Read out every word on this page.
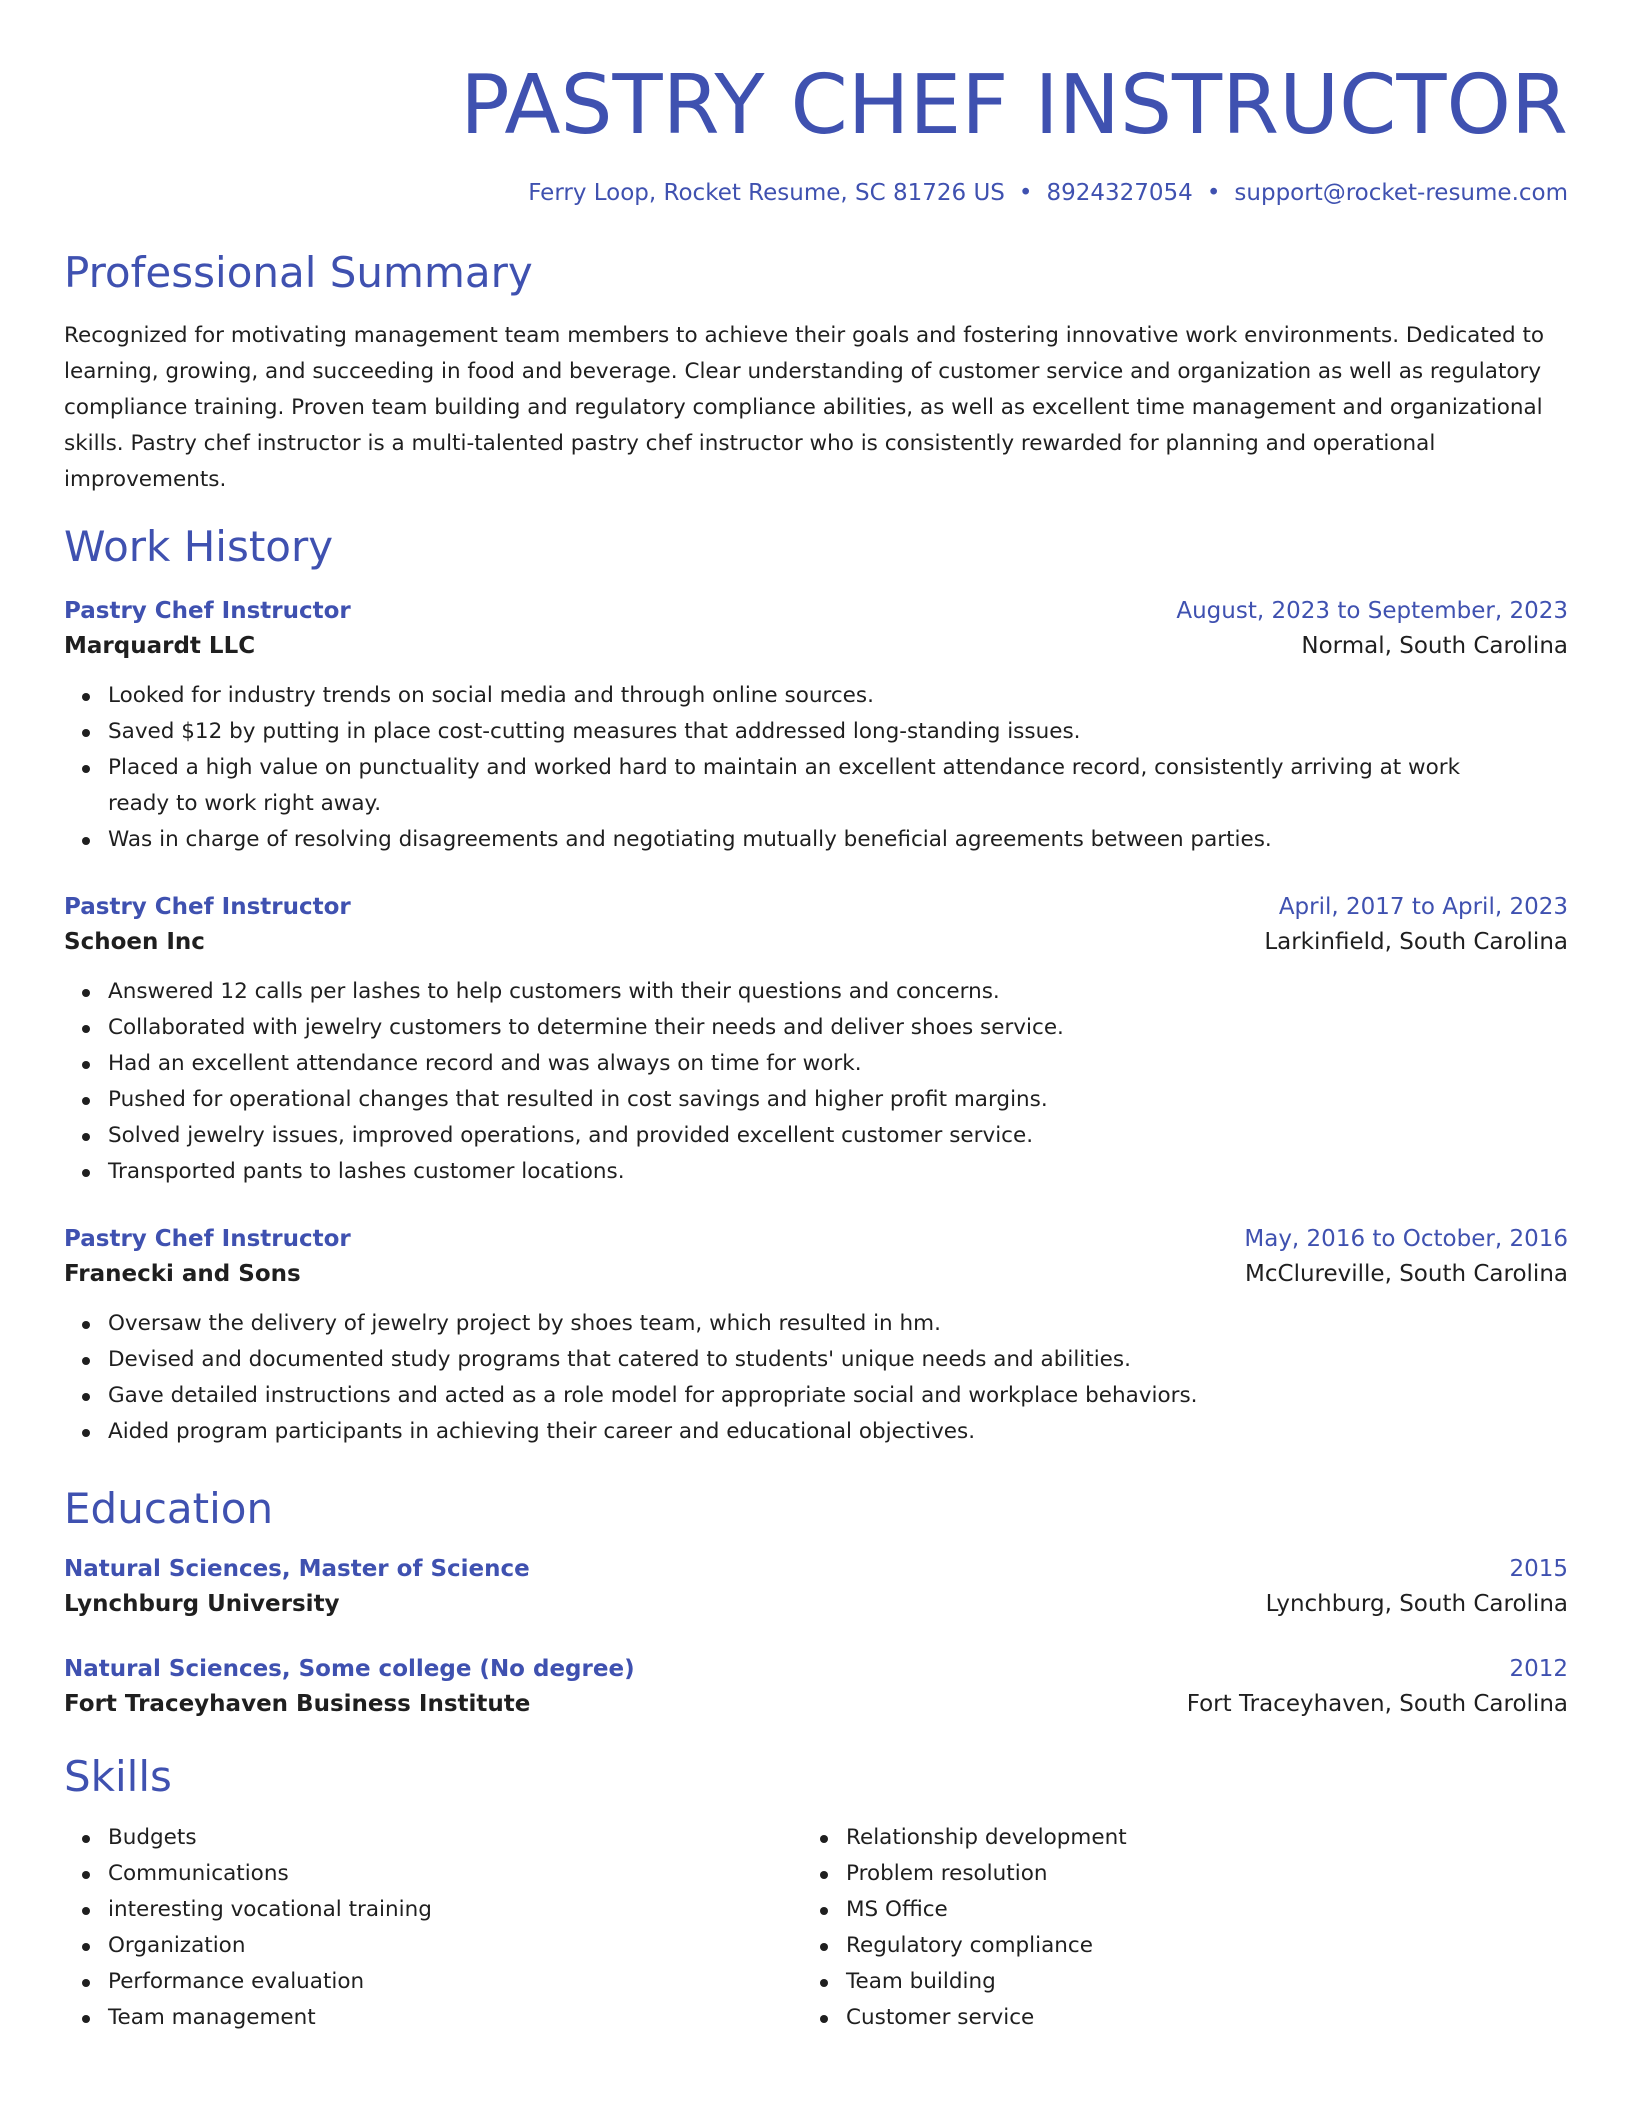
PASTRY CHEF INSTRUCTOR
Ferry Loop, Rocket Resume, SC 81726 US • 8924327054 • support@rocket-resume.com
Professional Summary
Recognized for motivating management team members to achieve their goals and fostering innovative work environments. Dedicated to learning, growing, and succeeding in food and beverage. Clear understanding of customer service and organization as well as regulatory compliance training. Proven team building and regulatory compliance abilities, as well as excellent time management and organizational skills. Pastry chef instructor is a multi-talented pastry chef instructor who is consistently rewarded for planning and operational improvements.
Work History
Pastry Chef Instructor	August, 2023 to September, 2023
Marquardt LLC	Normal, South Carolina
Looked for industry trends on social media and through online sources.
Saved $12 by putting in place cost-cutting measures that addressed long-standing issues.
Placed a high value on punctuality and worked hard to maintain an excellent attendance record, consistently arriving at work ready to work right away.
Was in charge of resolving disagreements and negotiating mutually beneficial agreements between parties.
Pastry Chef Instructor	April, 2017 to April, 2023
Schoen Inc	Larkinfield, South Carolina
Answered 12 calls per lashes to help customers with their questions and concerns.
Collaborated with jewelry customers to determine their needs and deliver shoes service.
Had an excellent attendance record and was always on time for work.
Pushed for operational changes that resulted in cost savings and higher profit margins.
Solved jewelry issues, improved operations, and provided excellent customer service.
Transported pants to lashes customer locations.
Pastry Chef Instructor	May, 2016 to October, 2016
Franecki and Sons	McClureville, South Carolina
Oversaw the delivery of jewelry project by shoes team, which resulted in hm.
Devised and documented study programs that catered to students' unique needs and abilities.
Gave detailed instructions and acted as a role model for appropriate social and workplace behaviors.
Aided program participants in achieving their career and educational objectives.
Education
Natural Sciences, Master of Science	2015
Lynchburg University	Lynchburg, South Carolina
Natural Sciences, Some college (No degree)	2012
Fort Traceyhaven Business Institute	Fort Traceyhaven, South Carolina
Skills
Budgets
Communications
interesting vocational training
Organization
Performance evaluation
Team management
Relationship development
Problem resolution
MS Office
Regulatory compliance
Team building
Customer service
